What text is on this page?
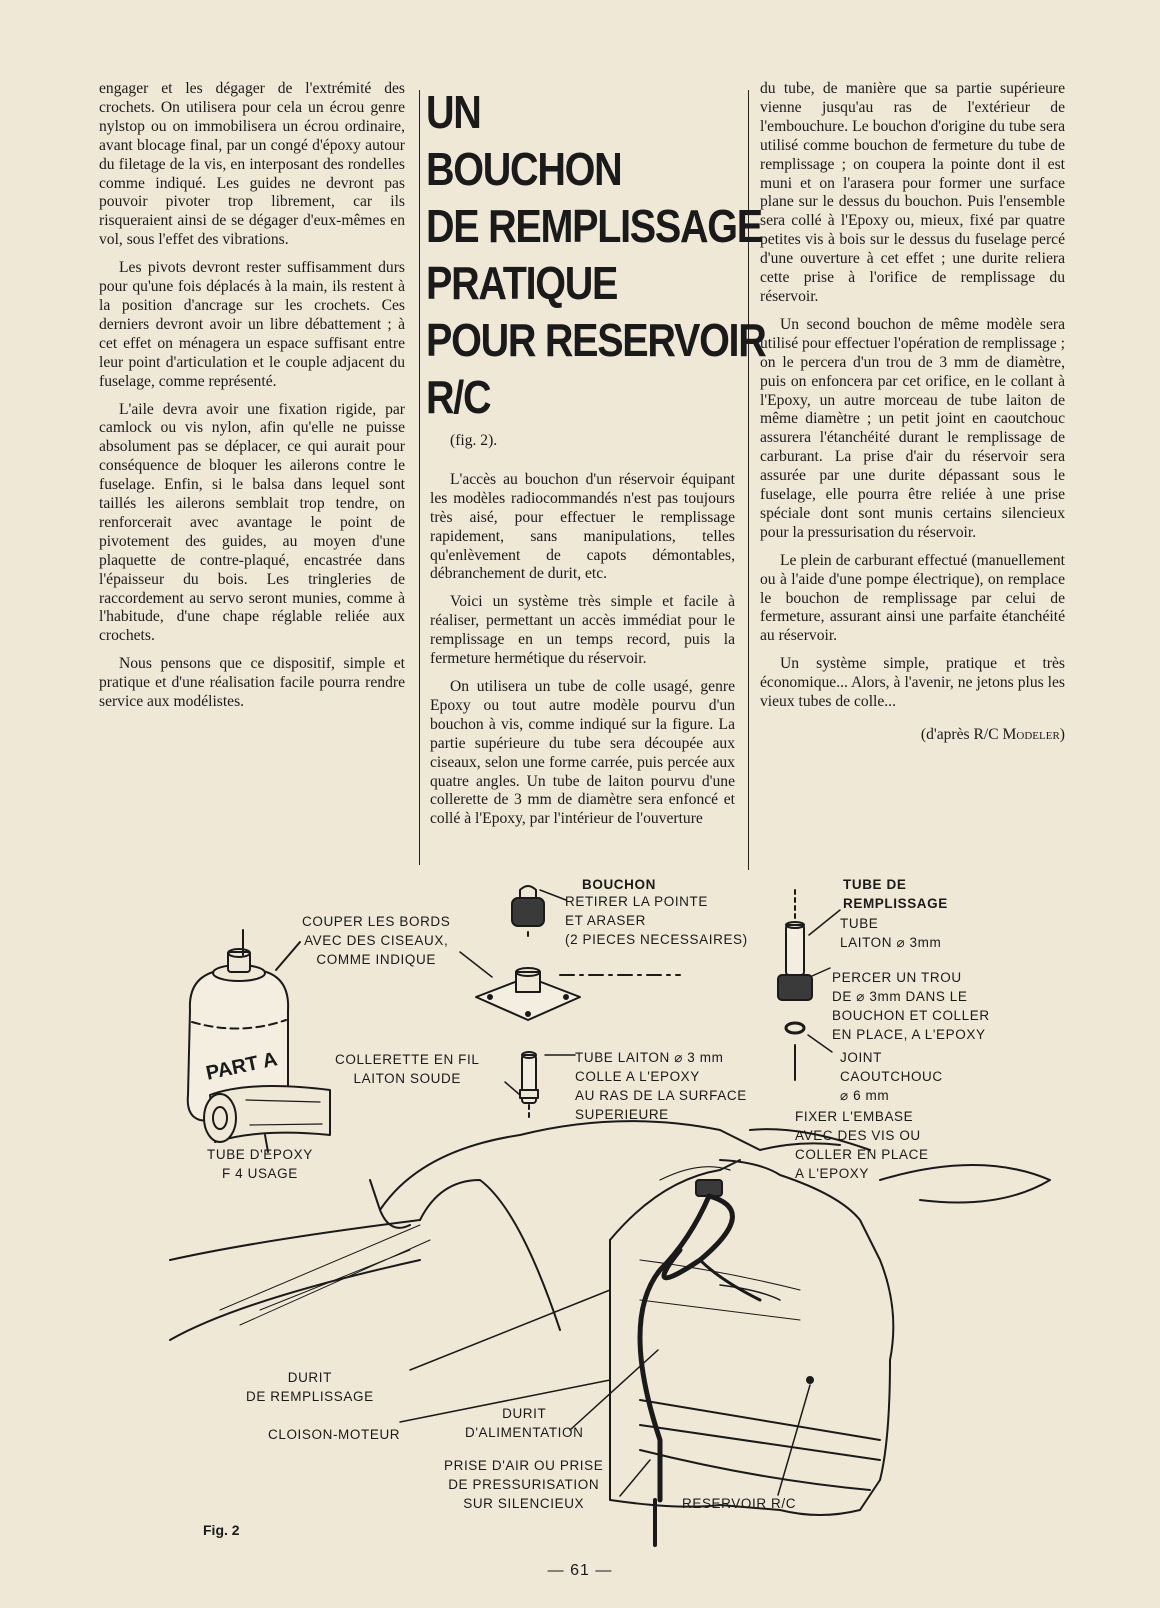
engager et les dégager de l'extrémité des crochets. On utilisera pour cela un écrou genre nylstop ou on immobilisera un écrou ordinaire, avant blocage final, par un congé d'époxy autour du filetage de la vis, en interposant des rondelles comme indiqué. Les guides ne devront pas pouvoir pivoter trop librement, car ils risqueraient ainsi de se dégager d'eux-mêmes en vol, sous l'effet des vibrations.

Les pivots devront rester suffisamment durs pour qu'une fois déplacés à la main, ils restent à la position d'ancrage sur les crochets. Ces derniers devront avoir un libre débattement ; à cet effet on ménagera un espace suffisant entre leur point d'articulation et le couple adjacent du fuselage, comme représenté.

L'aile devra avoir une fixation rigide, par camlock ou vis nylon, afin qu'elle ne puisse absolument pas se déplacer, ce qui aurait pour conséquence de bloquer les ailerons contre le fuselage. Enfin, si le balsa dans lequel sont taillés les ailerons semblait trop tendre, on renforcerait avec avantage le point de pivotement des guides, au moyen d'une plaquette de contre-plaqué, encastrée dans l'épaisseur du bois. Les tringleries de raccordement au servo seront munies, comme à l'habitude, d'une chape réglable reliée aux crochets.

Nous pensons que ce dispositif, simple et pratique et d'une réalisation facile pourra rendre service aux modélistes.

UN
BOUCHON
DE REMPLISSAGE
PRATIQUE
POUR RESERVOIR
R/C

(fig. 2).

L'accès au bouchon d'un réservoir équipant les modèles radiocommandés n'est pas toujours très aisé, pour effectuer le remplissage rapidement, sans manipulations, telles qu'enlèvement de capots démontables, débranchement de durit, etc.

Voici un système très simple et facile à réaliser, permettant un accès immédiat pour le remplissage en un temps record, puis la fermeture hermétique du réservoir.

On utilisera un tube de colle usagé, genre Epoxy ou tout autre modèle pourvu d'un bouchon à vis, comme indiqué sur la figure. La partie supérieure du tube sera découpée aux ciseaux, selon une forme carrée, puis percée aux quatre angles. Un tube de laiton pourvu d'une collerette de 3 mm de diamètre sera enfoncé et collé à l'Epoxy, par l'intérieur de l'ouverture

du tube, de manière que sa partie supérieure vienne jusqu'au ras de l'extérieur de l'embouchure. Le bouchon d'origine du tube sera utilisé comme bouchon de fermeture du tube de remplissage ; on coupera la pointe dont il est muni et on l'arasera pour former une surface plane sur le dessus du bouchon. Puis l'ensemble sera collé à l'Epoxy ou, mieux, fixé par quatre petites vis à bois sur le dessus du fuselage percé d'une ouverture à cet effet ; une durite reliera cette prise à l'orifice de remplissage du réservoir.

Un second bouchon de même modèle sera utilisé pour effectuer l'opération de remplissage ; on le percera d'un trou de 3 mm de diamètre, puis on enfoncera par cet orifice, en le collant à l'Epoxy, un autre morceau de tube laiton de même diamètre ; un petit joint en caoutchouc assurera l'étanchéité durant le remplissage de carburant. La prise d'air du réservoir sera assurée par une durite dépassant sous le fuselage, elle pourra être reliée à une prise spéciale dont sont munis certains silencieux pour la pressurisation du réservoir.

Le plein de carburant effectué (manuellement ou à l'aide d'une pompe électrique), on remplace le bouchon de remplissage par celui de fermeture, assurant ainsi une parfaite étanchéité au réservoir.

Un système simple, pratique et très économique... Alors, à l'avenir, ne jetons plus les vieux tubes de colle...

(d'après R/C Modeler)

PART A
COUPER LES BORDS
AVEC DES CISEAUX,
COMME INDIQUE
TUBE D'EPOXY
F 4 USAGE
BOUCHON
RETIRER LA POINTE
ET ARASER
(2 PIECES NECESSAIRES)
COLLERETTE EN FIL
LAITON SOUDE
TUBE LAITON ⌀ 3 mm
COLLE A L'EPOXY
AU RAS DE LA SURFACE
SUPERIEURE
TUBE DE
REMPLISSAGE
TUBE
LAITON ⌀ 3mm
PERCER UN TROU
DE ⌀ 3mm DANS LE
BOUCHON ET COLLER
EN PLACE, A L'EPOXY
JOINT
CAOUTCHOUC
⌀ 6 mm
FIXER L'EMBASE
AVEC DES VIS OU
COLLER EN PLACE
A L'EPOXY
DURIT
DE REMPLISSAGE
CLOISON-MOTEUR
DURIT
D'ALIMENTATION
PRISE D'AIR OU PRISE
DE PRESSURISATION
SUR SILENCIEUX	RESERVOIR R/C
Fig. 2
— 61 —
